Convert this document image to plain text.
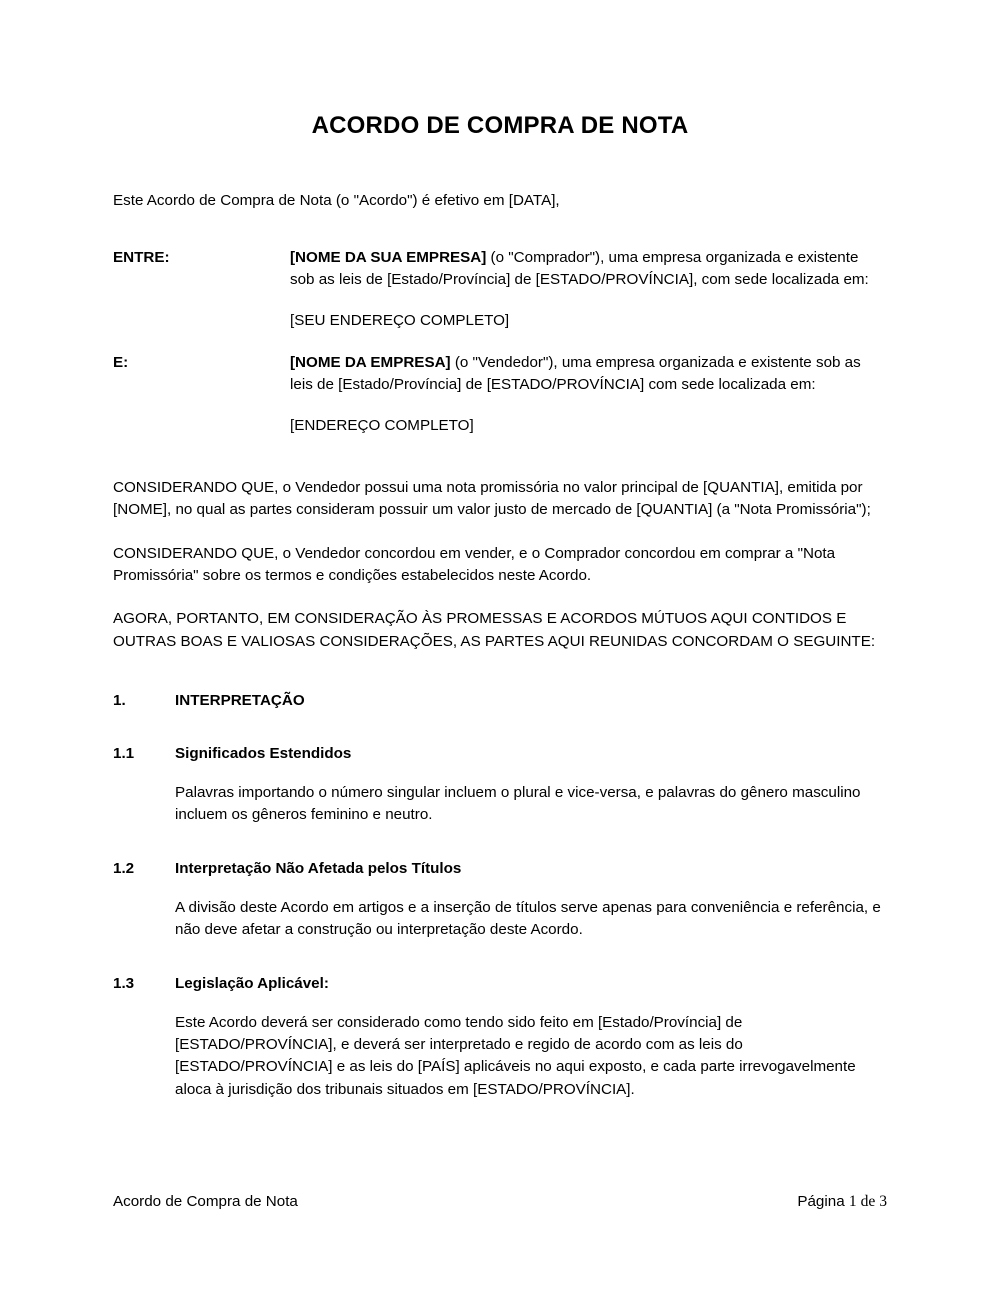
ACORDO DE COMPRA DE NOTA

Este Acordo de Compra de Nota (o "Acordo") é efetivo em [DATA],

ENTRE:	[NOME DA SUA EMPRESA] (o "Comprador"), uma empresa organizada e existente sob as leis de [Estado/Província] de [ESTADO/PROVÍNCIA], com sede localizada em:
[SEU ENDEREÇO COMPLETO]
E:	[NOME DA EMPRESA] (o "Vendedor"), uma empresa organizada e existente sob as leis de [Estado/Província] de [ESTADO/PROVÍNCIA] com sede localizada em:
[ENDEREÇO COMPLETO]

CONSIDERANDO QUE, o Vendedor possui uma nota promissória no valor principal de [QUANTIA], emitida por [NOME], no qual as partes consideram possuir um valor justo de mercado de [QUANTIA] (a "Nota Promissória");

CONSIDERANDO QUE, o Vendedor concordou em vender, e o Comprador concordou em comprar a "Nota Promissória" sobre os termos e condições estabelecidos neste Acordo.

AGORA, PORTANTO, EM CONSIDERAÇÃO ÀS PROMESSAS E ACORDOS MÚTUOS AQUI CONTIDOS E OUTRAS BOAS E VALIOSAS CONSIDERAÇÕES, AS PARTES AQUI REUNIDAS CONCORDAM O SEGUINTE:

1.	INTERPRETAÇÃO
1.1	Significados Estendidos
Palavras importando o número singular incluem o plural e vice-versa, e palavras do gênero masculino incluem os gêneros feminino e neutro.
1.2	Interpretação Não Afetada pelos Títulos
A divisão deste Acordo em artigos e a inserção de títulos serve apenas para conveniência e referência, e não deve afetar a construção ou interpretação deste Acordo.
1.3	Legislação Aplicável:
Este Acordo deverá ser considerado como tendo sido feito em [Estado/Província] de [ESTADO/PROVÍNCIA], e deverá ser interpretado e regido de acordo com as leis do [ESTADO/PROVÍNCIA] e as leis do [PAÍS] aplicáveis no aqui exposto, e cada parte irrevogavelmente aloca à jurisdição dos tribunais situados em [ESTADO/PROVÍNCIA].
Acordo de Compra de Nota	Página 1 de 3
